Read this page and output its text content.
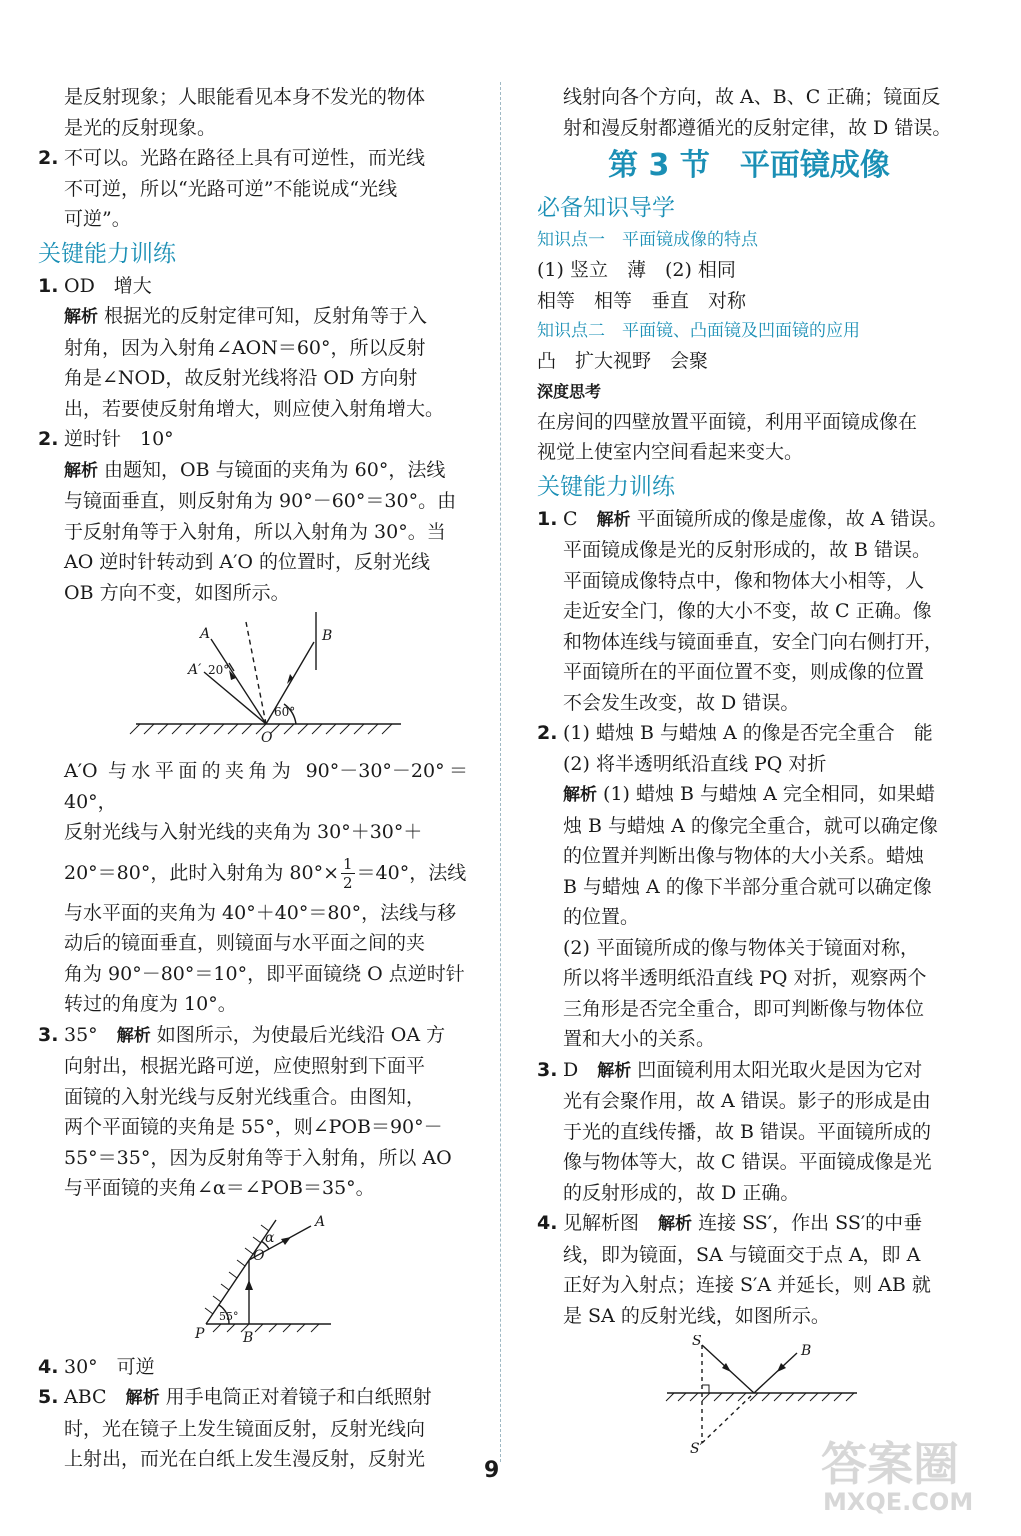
是反射现象；人眼能看见本身不发光的物体

是光的反射现象。

2. 不可以。光路在路径上具有可逆性，而光线

不可逆，所以“光路可逆”不能说成“光线

可逆”。

关键能力训练

1. OD　增大

解析 根据光的反射定律可知，反射角等于入

射角，因为入射角∠AON＝60°，所以反射

角是∠NOD，故反射光线将沿 OD 方向射

出，若要使反射角增大，则应使入射角增大。

2. 逆时针　10°

解析 由题知，OB 与镜面的夹角为 60°，法线

与镜面垂直，则反射角为 90°－60°＝30°。由

于反射角等于入射角，所以入射角为 30°。当

AO 逆时针转动到 A′O 的位置时，反射光线

OB 方向不变，如图所示。

A
A′
B
O
20°
60°

A′O 与水平面的夹角为 90°－30°－20°＝40°，

反射光线与入射光线的夹角为 30°＋30°＋

20°＝80°，此时入射角为 $80^\circ\times \frac{1}{2} =40^\circ$，法线

与水平面的夹角为 40°＋40°＝80°，法线与移

动后的镜面垂直，则镜面与水平面之间的夹

角为 90°－80°＝10°，即平面镜绕 O 点逆时针

转过的角度为 10°。

3. 35°　 解析 如图所示，为使最后光线沿 OA 方

向射出，根据光路可逆，应使照射到下面平

面镜的入射光线与反射光线重合。由图知，

两个平面镜的夹角是 55°，则∠POB＝90°－

55°＝35°，因为反射角等于入射角，所以 AO

与平面镜的夹角∠α＝∠POB＝35°。

A
O
P	B
α
55°

4. 30°　可逆

5. ABC　 解析 用手电筒正对着镜子和白纸照射

时，光在镜子上发生镜面反射，反射光线向

上射出，而光在白纸上发生漫反射，反射光

线射向各个方向，故 A、B、C 正确；镜面反

射和漫反射都遵循光的反射定律，故 D 错误。

第 3 节　平面镜成像

必备知识导学

知识点一　平面镜成像的特点

(1) 竖立　薄　(2) 相同

相等　相等　垂直　对称

知识点二　平面镜、凸面镜及凹面镜的应用

凸　扩大视野　会聚

深度思考

在房间的四壁放置平面镜，利用平面镜成像在

视觉上使室内空间看起来变大。

关键能力训练

1. C　 解析 平面镜所成的像是虚像，故 A 错误。

平面镜成像是光的反射形成的，故 B 错误。

平面镜成像特点中，像和物体大小相等，人

走近安全门，像的大小不变，故 C 正确。像

和物体连线与镜面垂直，安全门向右侧打开，

平面镜所在的平面位置不变，则成像的位置

不会发生改变，故 D 错误。

2. (1) 蜡烛 B 与蜡烛 A 的像是否完全重合　能

(2) 将半透明纸沿直线 PQ 对折

解析 (1) 蜡烛 B 与蜡烛 A 完全相同，如果蜡

烛 B 与蜡烛 A 的像完全重合，就可以确定像

的位置并判断出像与物体的大小关系。蜡烛

B 与蜡烛 A 的像下半部分重合就可以确定像

的位置。

(2) 平面镜所成的像与物体关于镜面对称，

所以将半透明纸沿直线 PQ 对折，观察两个

三角形是否完全重合，即可判断像与物体位

置和大小的关系。

3. D　 解析 凹面镜利用太阳光取火是因为它对

光有会聚作用，故 A 错误。影子的形成是由

于光的直线传播，故 B 错误。平面镜所成的

像与物体等大，故 C 错误。平面镜成像是光

的反射形成的，故 D 正确。

4. 见解析图　 解析 连接 SS′，作出 SS′的中垂

线，即为镜面，SA 与镜面交于点 A，即 A

正好为入射点；连接 S′A 并延长，则 AB 就

是 SA 的反射光线，如图所示。

S
B
S′
9	答案圈
MXQE.COM
